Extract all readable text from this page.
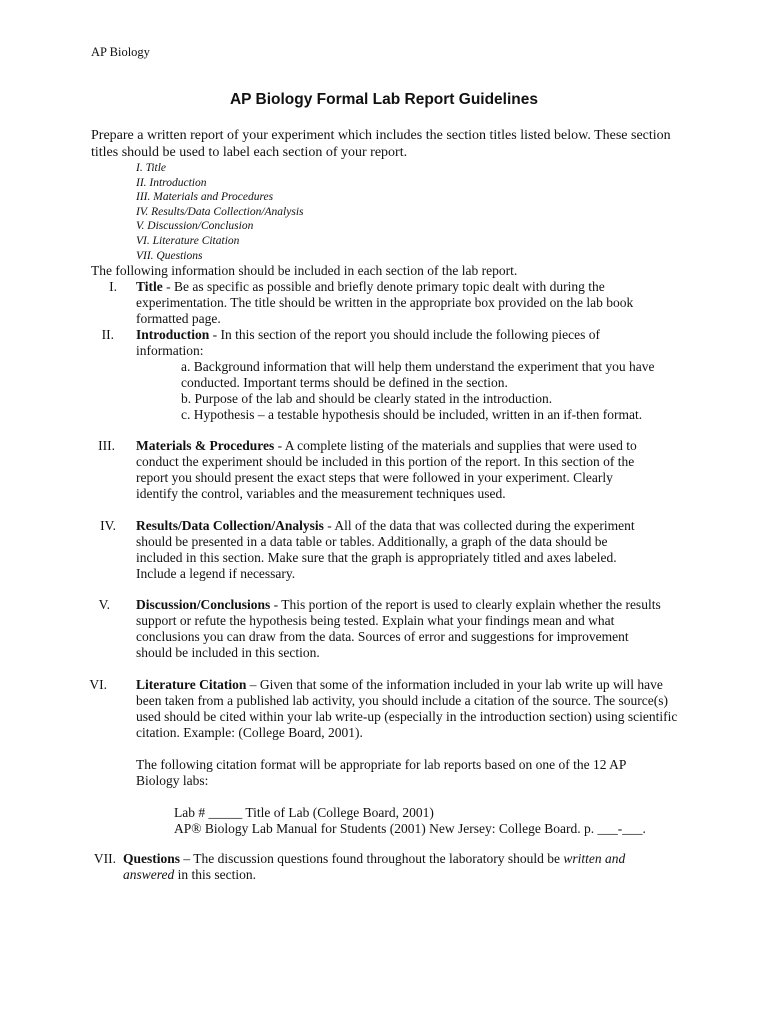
AP Biology
AP Biology Formal Lab Report Guidelines
Prepare a written report of your experiment which includes the section titles listed below. These section titles should be used to label each section of your report.
I. Title
II. Introduction
III. Materials and Procedures
IV. Results/Data Collection/Analysis
V. Discussion/Conclusion
VI. Literature Citation
VII. Questions
The following information should be included in each section of the lab report.
I. Title - Be as specific as possible and briefly denote primary topic dealt with during the experimentation. The title should be written in the appropriate box provided on the lab book formatted page.
II. Introduction - In this section of the report you should include the following pieces of information:
a. Background information that will help them understand the experiment that you have conducted. Important terms should be defined in the section.
b. Purpose of the lab and should be clearly stated in the introduction.
c. Hypothesis – a testable hypothesis should be included, written in an if-then format.
III. Materials & Procedures - A complete listing of the materials and supplies that were used to conduct the experiment should be included in this portion of the report. In this section of the report you should present the exact steps that were followed in your experiment. Clearly identify the control, variables and the measurement techniques used.
IV. Results/Data Collection/Analysis - All of the data that was collected during the experiment should be presented in a data table or tables. Additionally, a graph of the data should be included in this section. Make sure that the graph is appropriately titled and axes labeled. Include a legend if necessary.
V. Discussion/Conclusions - This portion of the report is used to clearly explain whether the results support or refute the hypothesis being tested. Explain what your findings mean and what conclusions you can draw from the data. Sources of error and suggestions for improvement should be included in this section.
VI. Literature Citation – Given that some of the information included in your lab write up will have been taken from a published lab activity, you should include a citation of the source. The source(s) used should be cited within your lab write-up (especially in the introduction section) using scientific citation. Example: (College Board, 2001).
The following citation format will be appropriate for lab reports based on one of the 12 AP Biology labs:
Lab # _____ Title of Lab (College Board, 2001)
AP® Biology Lab Manual for Students (2001) New Jersey: College Board. p. ___-___.
VII. Questions – The discussion questions found throughout the laboratory should be written and answered in this section.
